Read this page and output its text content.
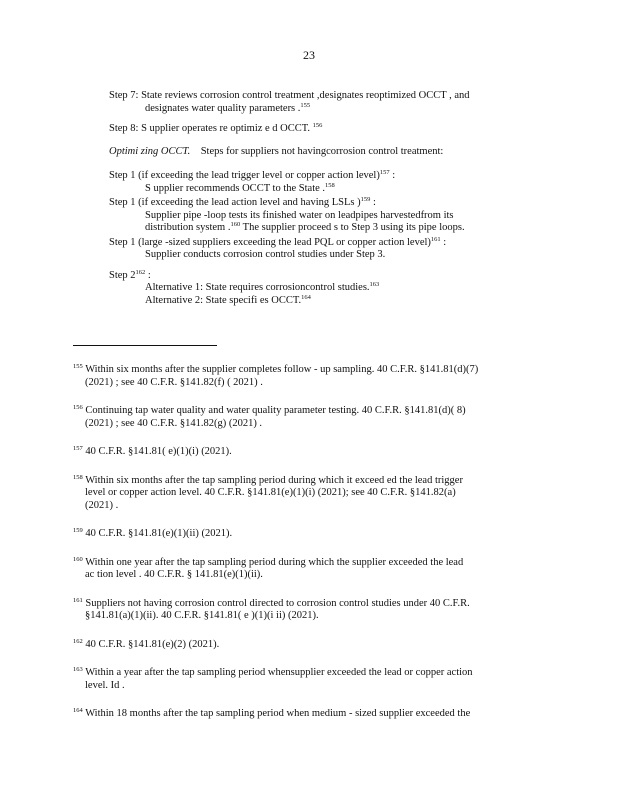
23
Step 7: State reviews corrosion control treatment ,designates reoptimized OCCT , and
designates water quality parameters .$^{155}$
Step 8: S upplier operates re optimiz e d OCCT. $^{156}$
Optimi zing OCCT. Steps for suppliers not havingcorrosion control treatment:
Step 1 (if exceeding the lead trigger level or copper action level)$^{157}$ :
S upplier recommends OCCT to the State .$^{158}$
Step 1 (if exceeding the lead action level and having LSLs )$^{159}$ :
Supplier pipe -loop tests its finished water on leadpipes harvestedfrom its
distribution system .$^{160}$ The supplier proceed s to Step 3 using its pipe loops.
Step 1 (large -sized suppliers exceeding the lead PQL or copper action level)$^{161}$ :
Supplier conducts corrosion control studies under Step 3.
Step $2^{162}$ :
Alternative 1: State requires corrosioncontrol studies.$^{163}$
Alternative 2: State specifi es OCCT.$^{164}$
$^{155}$ Within six months after the supplier completes follow - up sampling. 40 C.F.R. §141.81(d)(7)
(2021) ; see 40 C.F.R. §141.82(f) ( 2021) .
$^{156}$ Continuing tap water quality and water quality parameter testing. 40 C.F.R. §141.81(d)( 8)
(2021) ; see 40 C.F.R. §141.82(g) (2021) .
$^{157}$ 40 C.F.R. §141.81( e)(1)(i) (2021).
$^{158}$ Within six months after the tap sampling period during which it exceed ed the lead trigger
level or copper action level. 40 C.F.R. §141.81(e)(1)(i) (2021); see 40 C.F.R. §141.82(a)
(2021) .
$^{159}$ 40 C.F.R. §141.81(e)(1)(ii) (2021).
$^{160}$ Within one year after the tap sampling period during which the supplier exceeded the lead
ac tion level . 40 C.F.R. § 141.81(e)(1)(ii).
$^{161}$ Suppliers not having corrosion control directed to corrosion control studies under 40 C.F.R.
§141.81(a)(1)(ii). 40 C.F.R. §141.81( e )(1)(i ii) (2021).
$^{162}$ 40 C.F.R. §141.81(e)(2) (2021).
$^{163}$ Within a year after the tap sampling period whensupplier exceeded the lead or copper action
level. Id .
$^{164}$ Within 18 months after the tap sampling period when medium - sized supplier exceeded the
